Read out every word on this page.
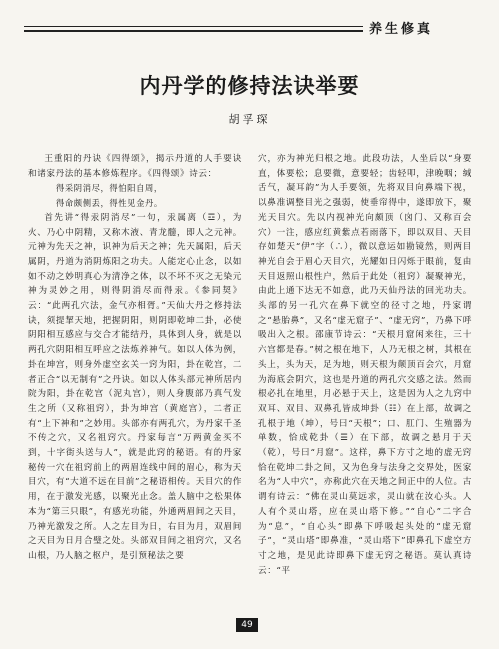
养生修真
内丹学的修持法诀举要
胡孚琛

王重阳的丹诀《四得颂》，揭示丹道的人手要诀和诸家丹法的基本修炼程序。《四得颂》诗云：

得采阴消尽，得怕阳自周，

得命颇侧丢，得性见金丹。

首先讲“得汞阴消尽”一句，汞属离（☲），为火、乃心中阴精，又称木液、青龙髓，即人之元神。元神为先天之神，识神为后天之神；先天属阳，后天属阴，丹道为消阴炼阳之功夫。人能定心止念，以如如不动之妙明真心为清净之体，以不坏不灭之无染元神为灵妙之用，则得阴消尽而得汞。《参同契》云：“此两孔穴法，金气亦相胥。”天仙大丹之修持法诀，须提挈天地，把握阴阳，则阴即乾坤二卦，必使阴阳相互感应与交合才能结丹，具体到人身，就是以两孔穴阴阳相互呼应之法炼养神气。如以人体为例，卦在坤宫，则身外虚空玄关一窍为阳，卦在乾宫，二者正合“以无制有”之丹诀。如以人体头部元神所居内院为阳，卦在乾宫（泥丸宫），则人身腹部乃真气发生之所（又称祖窍），卦为坤宫（黄庭宫），二者正有“上下神和”之妙用。头部亦有两孔穴，为丹家千圣不传之穴，又名祖窍穴。丹家每言“万两黄金买不到，十字街头送与人”，就是此窍的秘语。有的丹家秘传一穴在祖窍前上的两眉连线中间的眉心，称为天目穴，有“大道不远在目前”之秘语相传。天目穴的作用，在于激发光感，以聚光止念。盖人脑中之松果体本为“第三只眼”，有感光功能，外通两眉间之天目，乃神光激发之所。人之左目为日，右目为月，双眉间之天目为日月合璧之处。头部双目间之祖窍穴，又名山根，乃人脑之枢户，是引预秘法之要

穴，亦为神光归根之地。此段功法，人坐后以“身要直，体要松；息要微，意要轻；齿轻叩，津晚咽；缄舌气，凝耳韵”为人手要领，先将双目向鼻端下视，以鼻准调整目光之强弱，使垂帘得中，遂即放下，聚光天目穴。先以内视神光向颇顶（囟门、又称百会穴）一注，感应红黄紫点若雨落下，即以双目、天目存如楚天“伊”字（∴），微以意运如勘镜然，则两目神光自会于眉心天目穴，光耀如日闪烁于眼前，复由天目返照山根性户，然后于此处（祖窍）凝聚神光，由此上通下达无不如意，此乃天仙丹法的回光功夫。头部的另一孔穴在鼻下就空的径寸之地，丹家谓之“悬胎鼻”，又名“虚无窟子”、“虚无窍”，乃鼻下呼吸出入之根。邵康节诗云：“天根月窟闲来往，三十六宫都是春。”树之根在地下，人乃无根之树，其根在头上，头为天，足为地，则天根为颠顶百会穴，月窟为海底会阴穴，这也是丹道的两孔穴交感之法。然而根必扎在地里，月必悬于天上，这是因为人之九窍中双耳、双目、双鼻孔皆成坤卦（☷）在上部，故调之孔根于地（坤），号曰“天根”；口、肛门、生殖器为单数，恰成乾卦（☰）在下部，故调之悬月于天（乾），号曰“月窟”。这样，鼻下方寸之地的虚无窍恰在乾坤二卦之间，又为色身与法身之交界处，医家名为“人中穴”，亦称此穴在天地之间正中的人位。古谓有诗云：“佛在灵山莫远求，灵山就在汝心头。人人有个灵山塔，应在灵山塔下修。”“自心”二字合为“息”，“自心头”即鼻下呼吸起头处的“虚无窟子”，“灵山塔”即鼻准，“灵山塔下”即鼻孔下虚空方寸之地，是见此诗即鼻下虚无窍之秘语。莫认真诗云：“平

49
